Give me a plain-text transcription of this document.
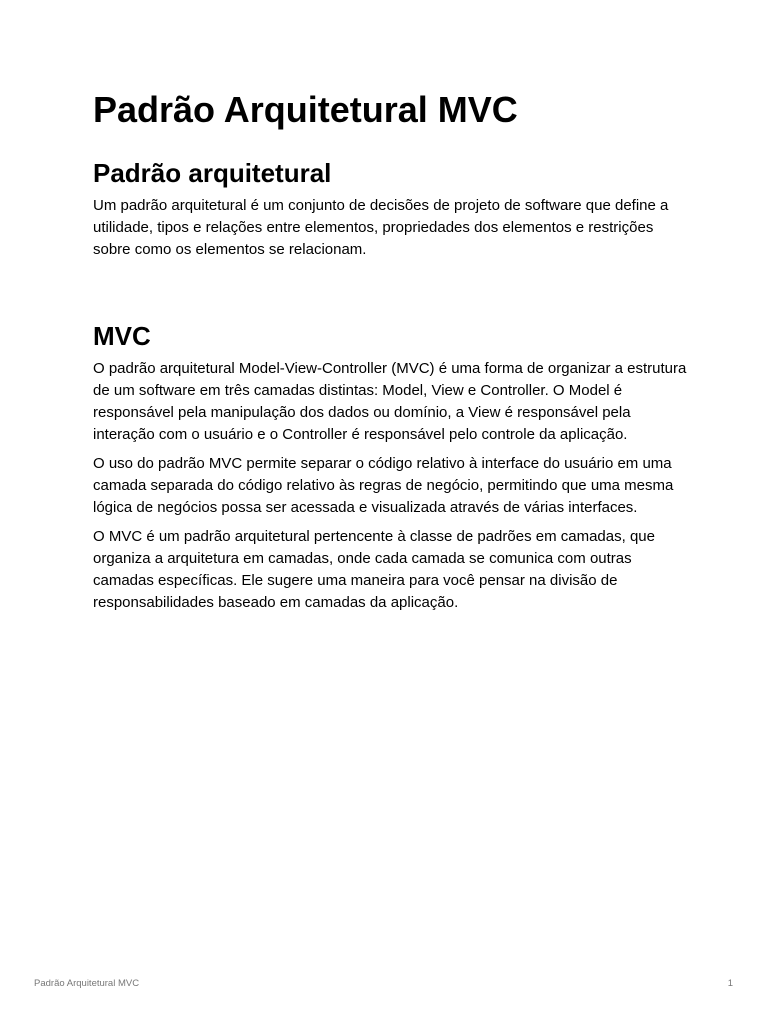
Padrão Arquitetural MVC
Padrão arquitetural

Um padrão arquitetural é um conjunto de decisões de projeto de software que define a utilidade, tipos e relações entre elementos, propriedades dos elementos e restrições sobre como os elementos se relacionam.

MVC

O padrão arquitetural Model-View-Controller (MVC) é uma forma de organizar a estrutura de um software em três camadas distintas: Model, View e Controller. O Model é responsável pela manipulação dos dados ou domínio, a View é responsável pela interação com o usuário e o Controller é responsável pelo controle da aplicação.

O uso do padrão MVC permite separar o código relativo à interface do usuário em uma camada separada do código relativo às regras de negócio, permitindo que uma mesma lógica de negócios possa ser acessada e visualizada através de várias interfaces.

O MVC é um padrão arquitetural pertencente à classe de padrões em camadas, que organiza a arquitetura em camadas, onde cada camada se comunica com outras camadas específicas. Ele sugere uma maneira para você pensar na divisão de responsabilidades baseado em camadas da aplicação.

Padrão Arquitetural MVC	1
